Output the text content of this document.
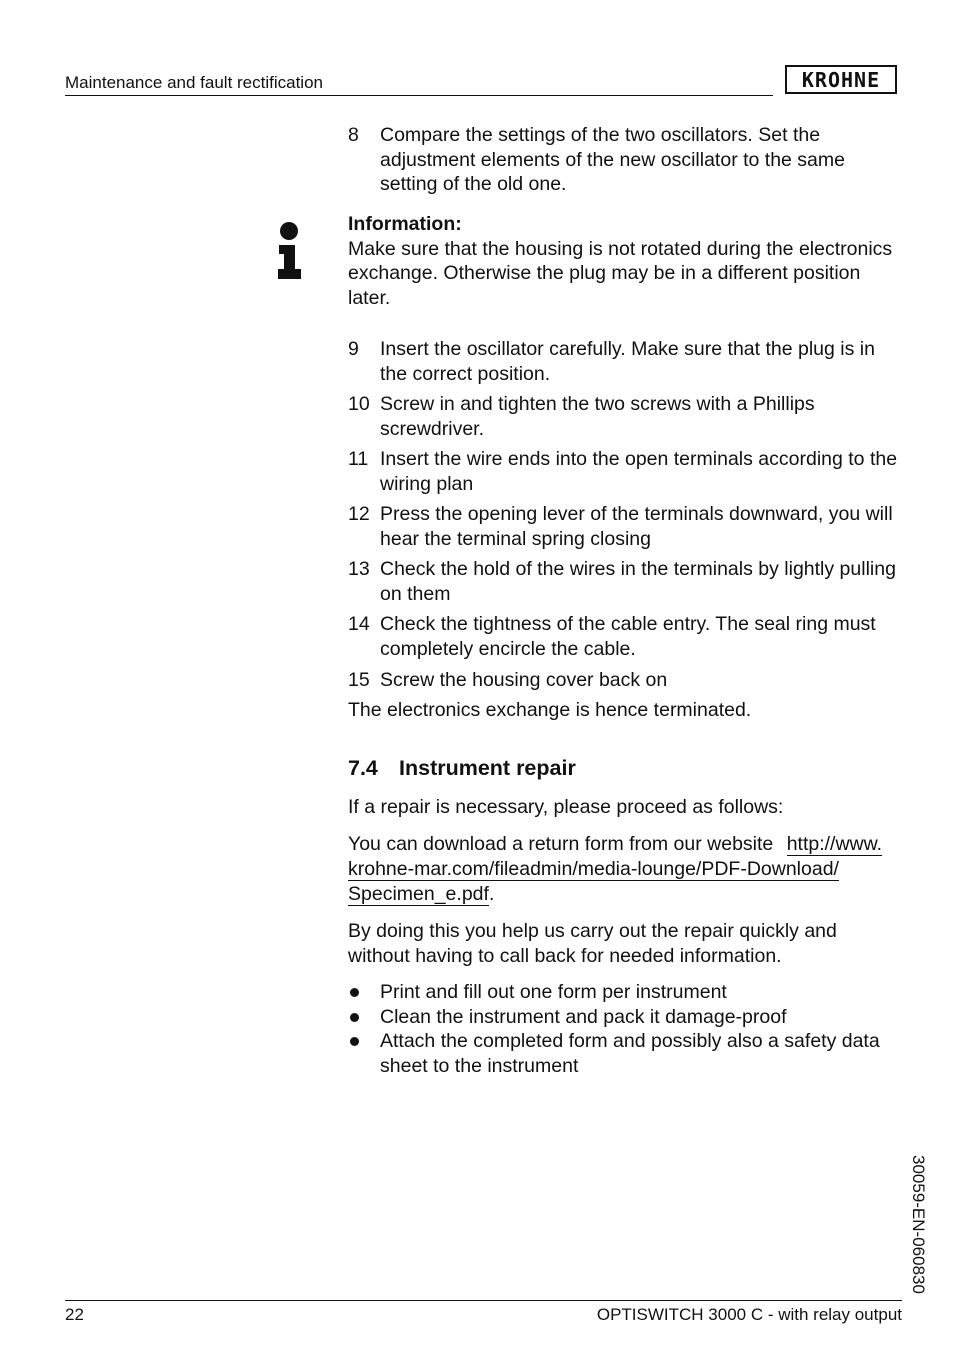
Maintenance and fault rectification	KROHNE
8	Compare the settings of the two oscillators. Set the adjustment elements of the new oscillator to the same setting of the old one.
Information:
Make sure that the housing is not rotated during the electronics exchange. Otherwise the plug may be in a different position later.
9	Insert the oscillator carefully. Make sure that the plug is in the correct position.
10 Screw in and tighten the two screws with a Phillips screwdriver.
11 Insert the wire ends into the open terminals according to the wiring plan
12 Press the opening lever of the terminals downward, you will hear the terminal spring closing
13 Check the hold of the wires in the terminals by lightly pulling on them
14 Check the tightness of the cable entry. The seal ring must completely encircle the cable.
15 Screw the housing cover back on
The electronics exchange is hence terminated.
7.4 Instrument repair
If a repair is necessary, please proceed as follows:
You can download a return form from our website http://www.
krohne-mar.com/fileadmin/media-lounge/PDF-Download/
Specimen_e.pdf.
By doing this you help us carry out the repair quickly and without having to call back for needed information.
Print and fill out one form per instrument
Clean the instrument and pack it damage-proof
Attach the completed form and possibly also a safety data sheet to the instrument
30059-EN-060830
22	OPTISWITCH 3000 C - with relay output
